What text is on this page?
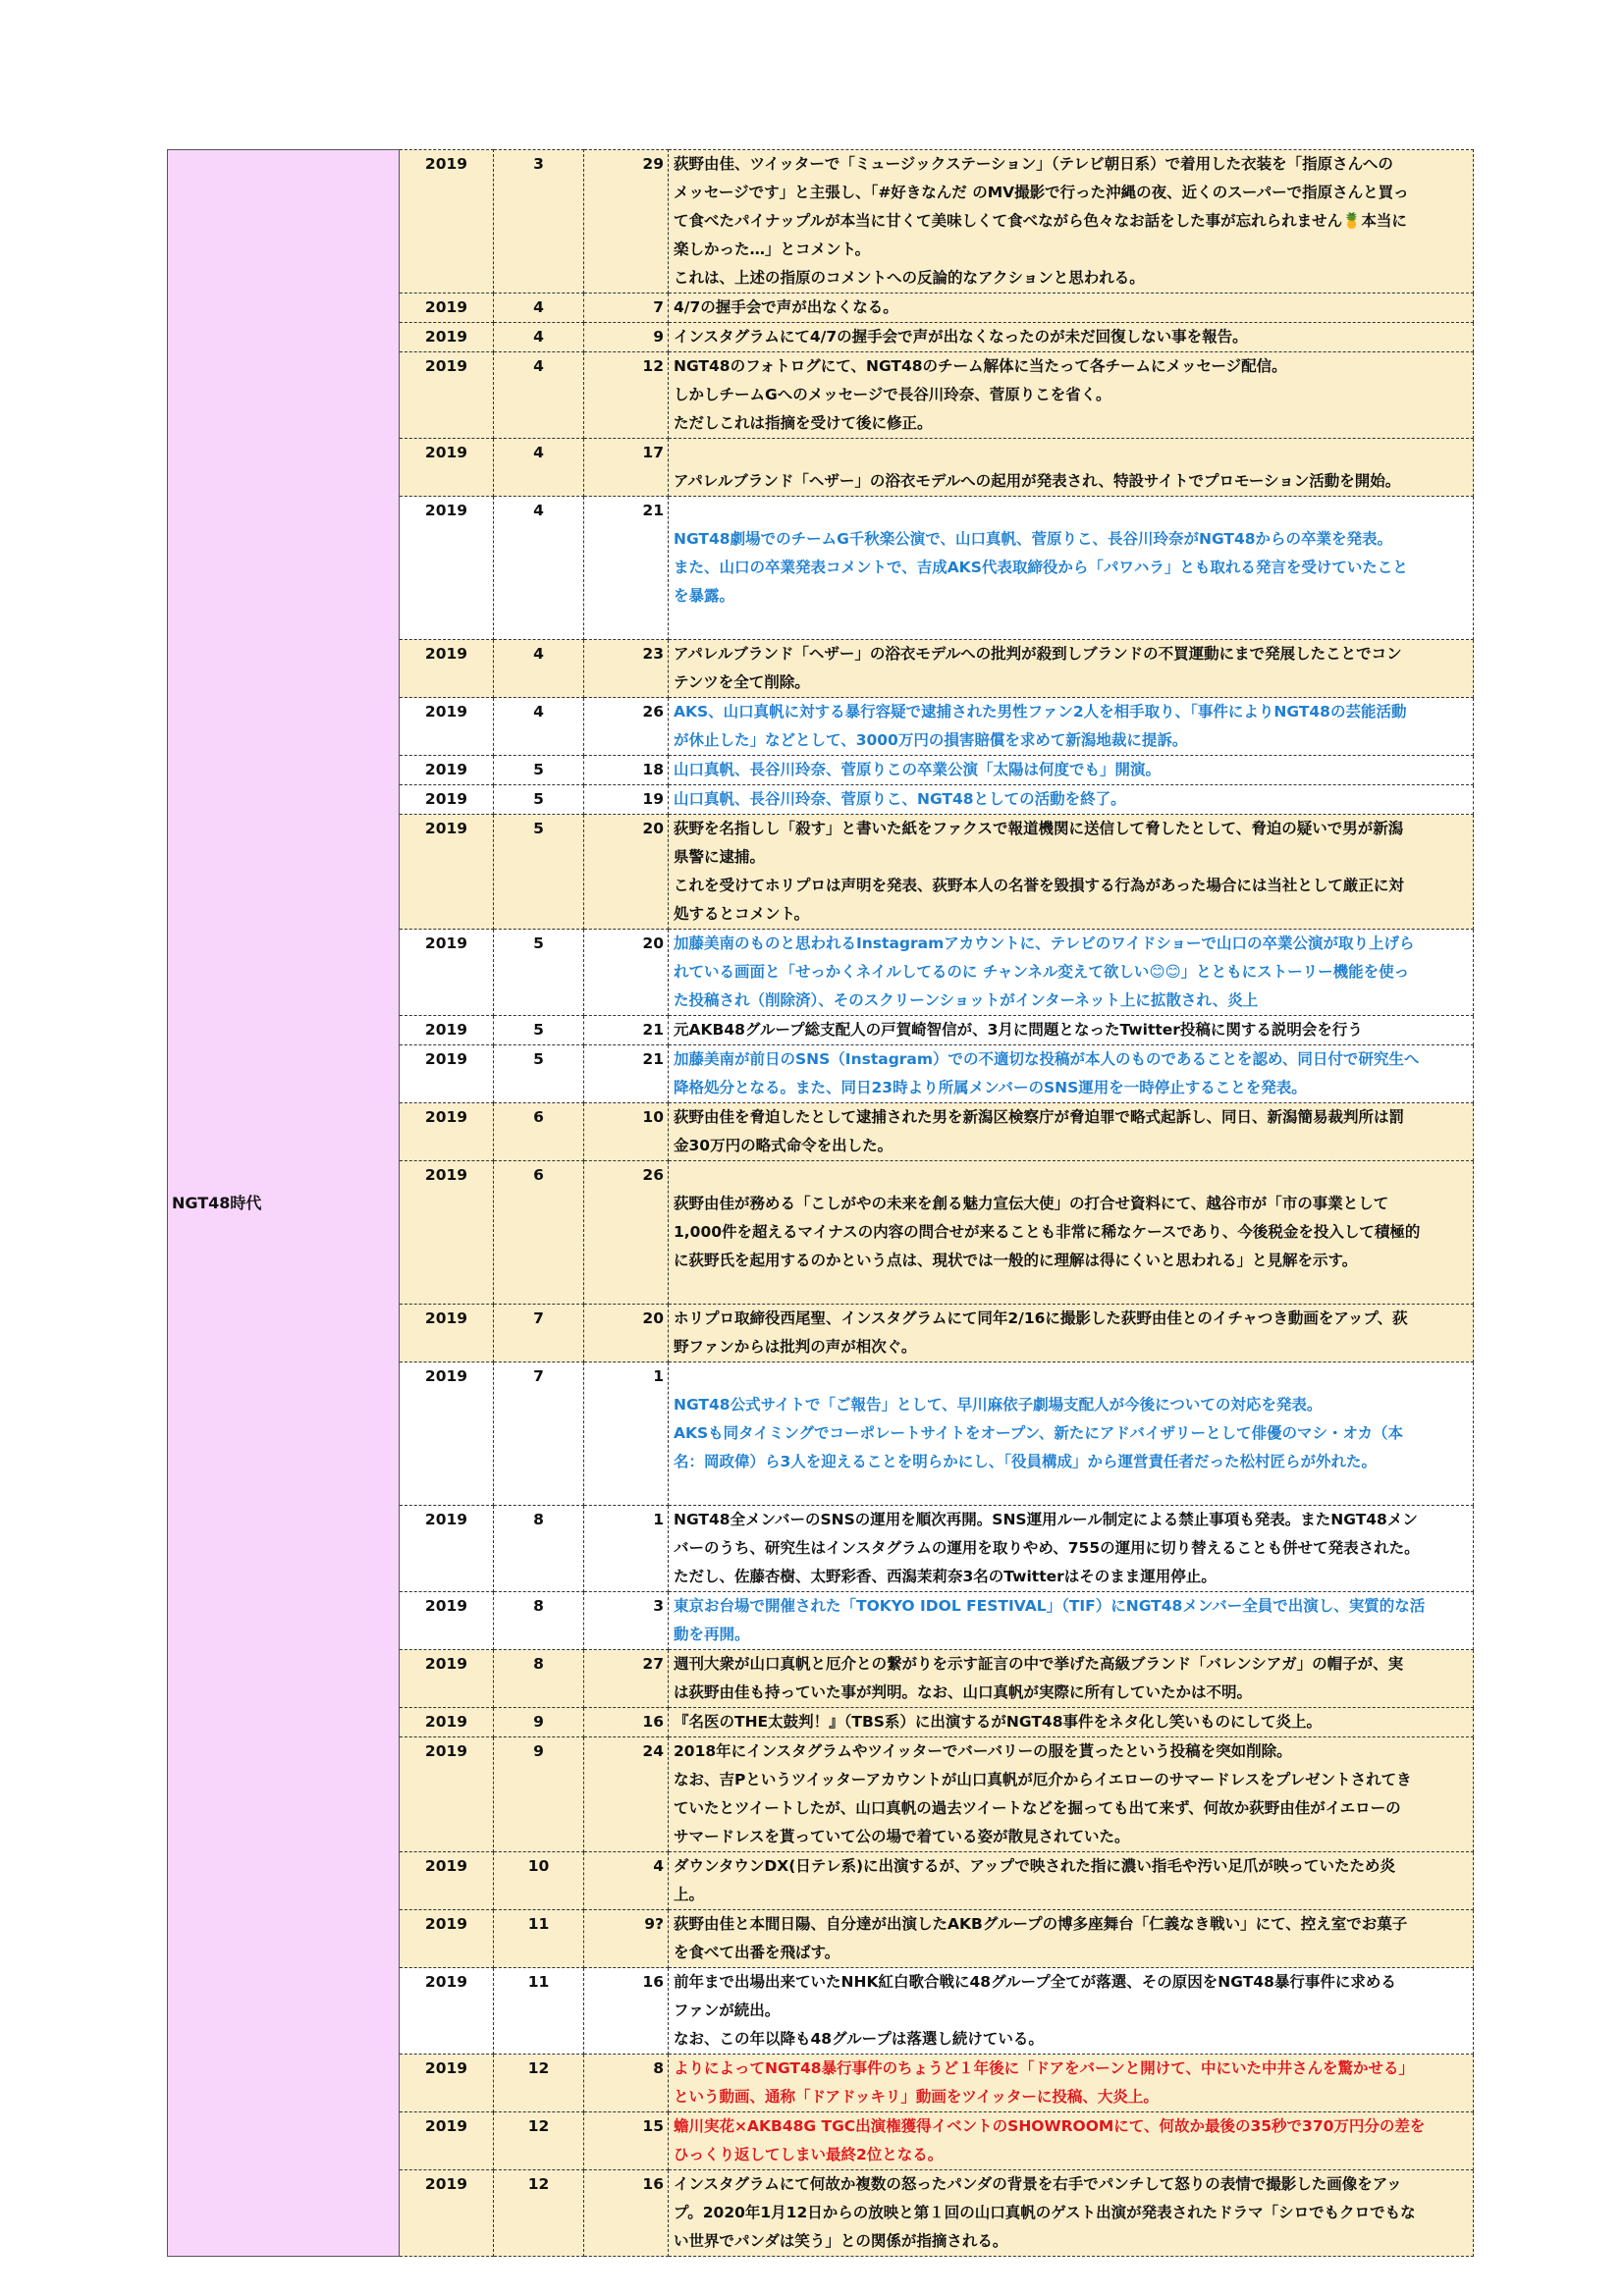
NGT48時代	2019	3	29	荻野由佳、ツイッターで「ミュージックステーション」（テレビ朝日系）で着用した衣装を「指原さんへの

メッセージです」と主張し、「#好きなんだ のMV撮影で行った沖縄の夜、近くのスーパーで指原さんと買っ

て食べたパイナップルが本当に甘くて美味しくて食べながら色々なお話をした事が忘れられません🍍本当に

楽しかった…」とコメント。

これは、上述の指原のコメントへの反論的なアクションと思われる。

	2019	4	7	4/7の握手会で声が出なくなる。

	2019	4	9	インスタグラムにて4/7の握手会で声が出なくなったのが未だ回復しない事を報告。

	2019	4	12	NGT48のフォトログにて、NGT48のチーム解体に当たって各チームにメッセージ配信。

しかしチームGへのメッセージで長谷川玲奈、菅原りこを省く。

ただしこれは指摘を受けて後に修正。

	2019	4	17	アパレルブランド「ヘザー」の浴衣モデルへの起用が発表され、特設サイトでプロモーション活動を開始。

	2019	4	21	NGT48劇場でのチームG千秋楽公演で、山口真帆、菅原りこ、長谷川玲奈がNGT48からの卒業を発表。

また、山口の卒業発表コメントで、吉成AKS代表取締役から「パワハラ」とも取れる発言を受けていたこと

を暴露。

	2019	4	23	アパレルブランド「ヘザー」の浴衣モデルへの批判が殺到しブランドの不買運動にまで発展したことでコン

テンツを全て削除。

	2019	4	26	AKS、山口真帆に対する暴行容疑で逮捕された男性ファン2人を相手取り、「事件によりNGT48の芸能活動

が休止した」などとして、3000万円の損害賠償を求めて新潟地裁に提訴。

	2019	5	18	山口真帆、長谷川玲奈、菅原りこの卒業公演「太陽は何度でも」開演。

	2019	5	19	山口真帆、長谷川玲奈、菅原りこ、NGT48としての活動を終了。

	2019	5	20	荻野を名指しし「殺す」と書いた紙をファクスで報道機関に送信して脅したとして、脅迫の疑いで男が新潟

県警に逮捕。

これを受けてホリプロは声明を発表、荻野本人の名誉を毀損する行為があった場合には当社として厳正に対

処するとコメント。

	2019	5	20	加藤美南のものと思われるInstagramアカウントに、テレビのワイドショーで山口の卒業公演が取り上げら

れている画面と「せっかくネイルしてるのに チャンネル変えて欲しい😊😊」とともにストーリー機能を使っ

た投稿され（削除済）、そのスクリーンショットがインターネット上に拡散され、炎上

	2019	5	21	元AKB48グループ総支配人の戸賀崎智信が、3月に問題となったTwitter投稿に関する説明会を行う

	2019	5	21	加藤美南が前日のSNS（Instagram）での不適切な投稿が本人のものであることを認め、同日付で研究生へ

降格処分となる。また、同日23時より所属メンバーのSNS運用を一時停止することを発表。

	2019	6	10	荻野由佳を脅迫したとして逮捕された男を新潟区検察庁が脅迫罪で略式起訴し、同日、新潟簡易裁判所は罰

金30万円の略式命令を出した。

	2019	6	26	荻野由佳が務める「こしがやの未来を創る魅力宣伝大使」の打合せ資料にて、越谷市が「市の事業として

1,000件を超えるマイナスの内容の問合せが来ることも非常に稀なケースであり、今後税金を投入して積極的

に荻野氏を起用するのかという点は、現状では一般的に理解は得にくいと思われる」と見解を示す。

	2019	7	20	ホリプロ取締役西尾聖、インスタグラムにて同年2/16に撮影した荻野由佳とのイチャつき動画をアップ、荻

野ファンからは批判の声が相次ぐ。

	2019	7	1	NGT48公式サイトで「ご報告」として、早川麻依子劇場支配人が今後についての対応を発表。

AKSも同タイミングでコーポレートサイトをオープン、新たにアドバイザリーとして俳優のマシ・オカ（本

名：岡政偉）ら3人を迎えることを明らかにし、「役員構成」から運営責任者だった松村匠らが外れた。

	2019	8	1	NGT48全メンバーのSNSの運用を順次再開。SNS運用ルール制定による禁止事項も発表。またNGT48メン

バーのうち、研究生はインスタグラムの運用を取りやめ、755の運用に切り替えることも併せて発表された。

ただし、佐藤杏樹、太野彩香、西潟茉莉奈3名のTwitterはそのまま運用停止。

	2019	8	3	東京お台場で開催された「TOKYO IDOL FESTIVAL」（TIF）にNGT48メンバー全員で出演し、実質的な活

動を再開。

	2019	8	27	週刊大衆が山口真帆と厄介との繋がりを示す証言の中で挙げた高級ブランド「バレンシアガ」の帽子が、実

は荻野由佳も持っていた事が判明。なお、山口真帆が実際に所有していたかは不明。

	2019	9	16	『名医のTHE太鼓判！』（TBS系）に出演するがNGT48事件をネタ化し笑いものにして炎上。

	2019	9	24	2018年にインスタグラムやツイッターでバーバリーの服を貰ったという投稿を突如削除。

なお、吉Pというツイッターアカウントが山口真帆が厄介からイエローのサマードレスをプレゼントされてき

ていたとツイートしたが、山口真帆の過去ツイートなどを掘っても出て来ず、何故か荻野由佳がイエローの

サマードレスを貰っていて公の場で着ている姿が散見されていた。

	2019	10	4	ダウンタウンDX(日テレ系)に出演するが、アップで映された指に濃い指毛や汚い足爪が映っていたため炎

上。

	2019	11	9?	荻野由佳と本間日陽、自分達が出演したAKBグループの博多座舞台「仁義なき戦い」にて、控え室でお菓子

を食べて出番を飛ばす。

	2019	11	16	前年まで出場出来ていたNHK紅白歌合戦に48グループ全てが落選、その原因をNGT48暴行事件に求める

ファンが続出。

なお、この年以降も48グループは落選し続けている。

	2019	12	8	よりによってNGT48暴行事件のちょうど１年後に「ドアをバーンと開けて、中にいた中井さんを驚かせる」

という動画、通称「ドアドッキリ」動画をツイッターに投稿、大炎上。

	2019	12	15	蟾川実花×AKB48G TGC出演権獲得イベントのSHOWROOMにて、何故か最後の35秒で370万円分の差を

ひっくり返してしまい最終2位となる。

	2019	12	16	インスタグラムにて何故か複数の怒ったパンダの背景を右手でパンチして怒りの表情で撮影した画像をアッ

プ。2020年1月12日からの放映と第１回の山口真帆のゲスト出演が発表されたドラマ「シロでもクロでもな

い世界でパンダは笑う」との関係が指摘される。
